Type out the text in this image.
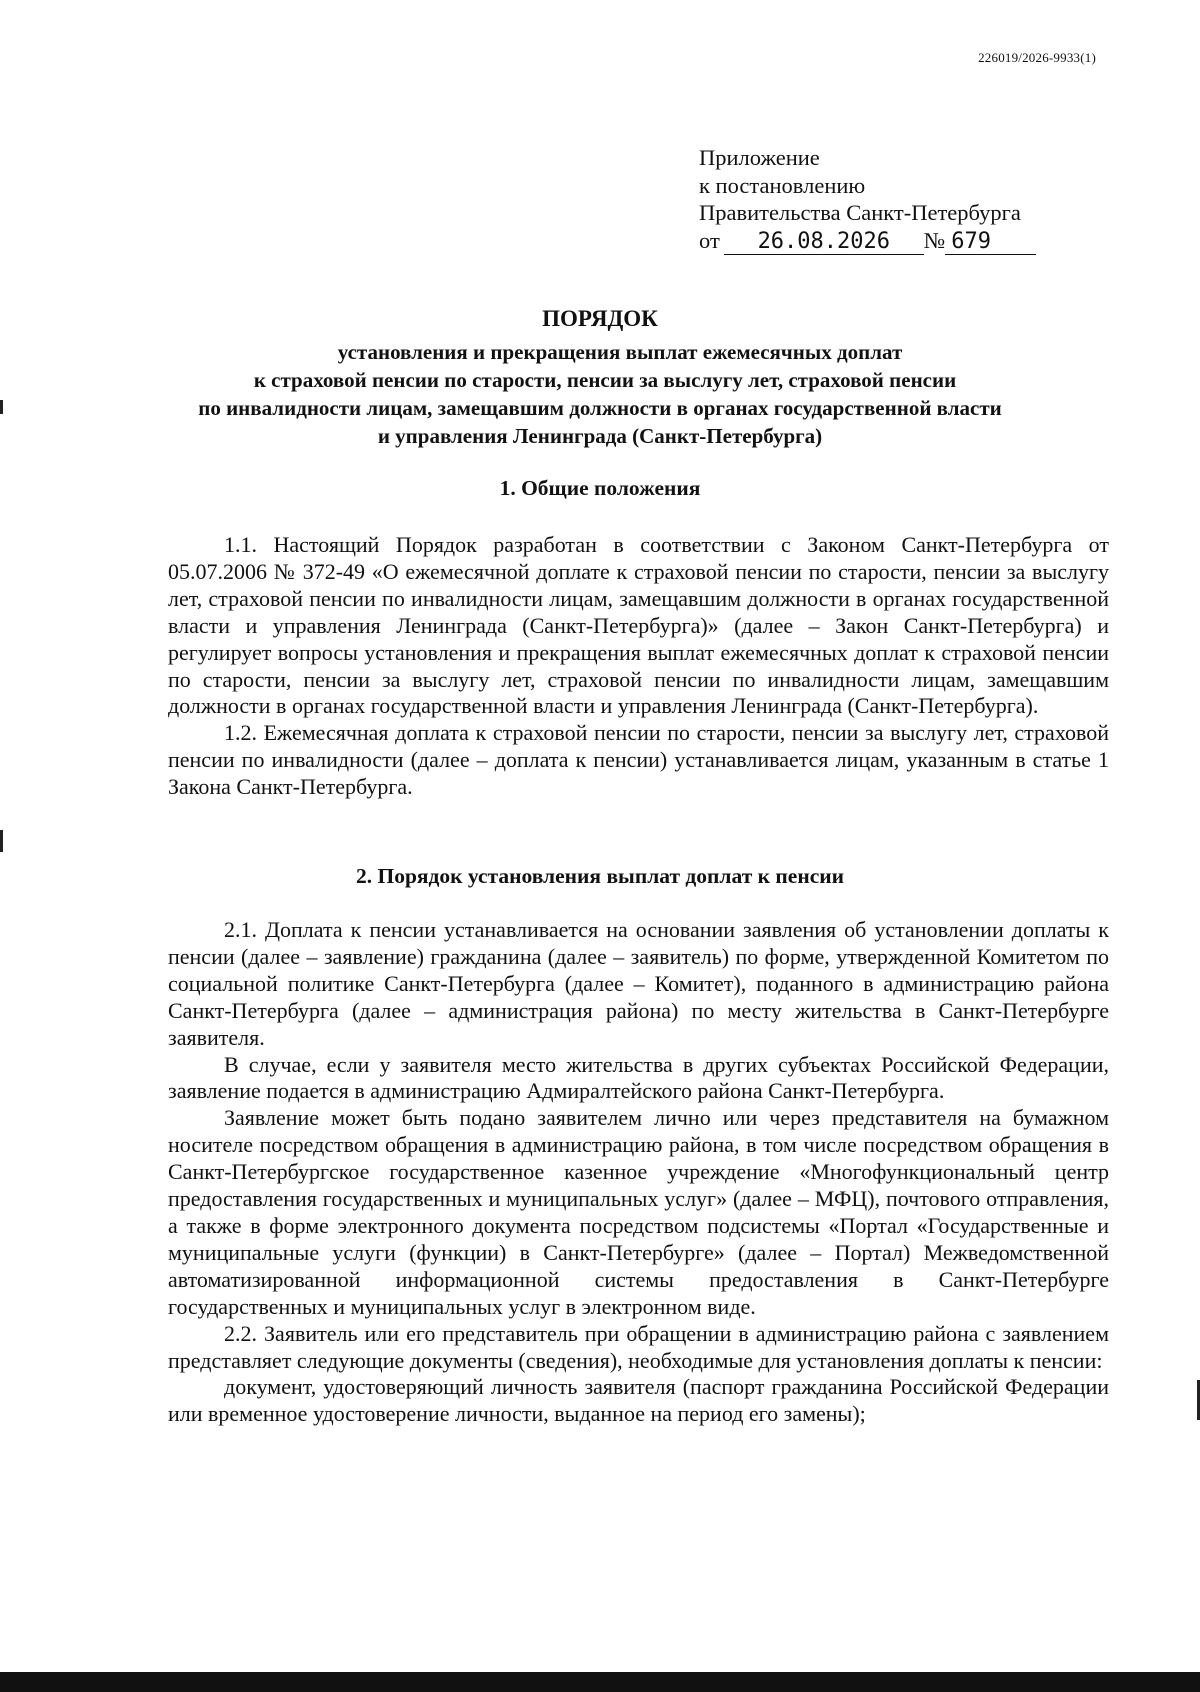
226019/2026-9933(1)
Приложение
к постановлению
Правительства Санкт-Петербурга
от 26.08.2026 № 679
ПОРЯДОК
установления и прекращения выплат ежемесячных доплат
к страховой пенсии по старости, пенсии за выслугу лет, страховой пенсии
по инвалидности лицам, замещавшим должности в органах государственной власти
и управления Ленинграда (Санкт-Петербурга)
1. Общие положения

1.1. Настоящий Порядок разработан в соответствии с Законом Санкт-Петербурга от 05.07.2006 № 372-49 «О ежемесячной доплате к страховой пенсии по старости, пенсии за выслугу лет, страховой пенсии по инвалидности лицам, замещавшим должности в органах государственной власти и управления Ленинграда (Санкт-Петербурга)» (далее – Закон Санкт-Петербурга) и регулирует вопросы установления и прекращения выплат ежемесячных доплат к страховой пенсии по старости, пенсии за выслугу лет, страховой пенсии по инвалидности лицам, замещавшим должности в органах государственной власти и управления Ленинграда (Санкт-Петербурга).

1.2. Ежемесячная доплата к страховой пенсии по старости, пенсии за выслугу лет, страховой пенсии по инвалидности (далее – доплата к пенсии) устанавливается лицам, указанным в статье 1 Закона Санкт-Петербурга.

2. Порядок установления выплат доплат к пенсии

2.1. Доплата к пенсии устанавливается на основании заявления об установлении доплаты к пенсии (далее – заявление) гражданина (далее – заявитель) по форме, утвержденной Комитетом по социальной политике Санкт-Петербурга (далее – Комитет), поданного в администрацию района Санкт-Петербурга (далее – администрация района) по месту жительства в Санкт-Петербурге заявителя.

В случае, если у заявителя место жительства в других субъектах Российской Федерации, заявление подается в администрацию Адмиралтейского района Санкт-Петербурга.

Заявление может быть подано заявителем лично или через представителя на бумажном носителе посредством обращения в администрацию района, в том числе посредством обращения в Санкт-Петербургское государственное казенное учреждение «Многофункциональный центр предоставления государственных и муниципальных услуг» (далее – МФЦ), почтового отправления, а также в форме электронного документа посредством подсистемы «Портал «Государственные и муниципальные услуги (функции) в Санкт-Петербурге» (далее – Портал) Межведомственной автоматизированной информационной системы предоставления в Санкт-Петербурге государственных и муниципальных услуг в электронном виде.

2.2. Заявитель или его представитель при обращении в администрацию района с заявлением представляет следующие документы (сведения), необходимые для установления доплаты к пенсии:

документ, удостоверяющий личность заявителя (паспорт гражданина Российской Федерации или временное удостоверение личности, выданное на период его замены);
